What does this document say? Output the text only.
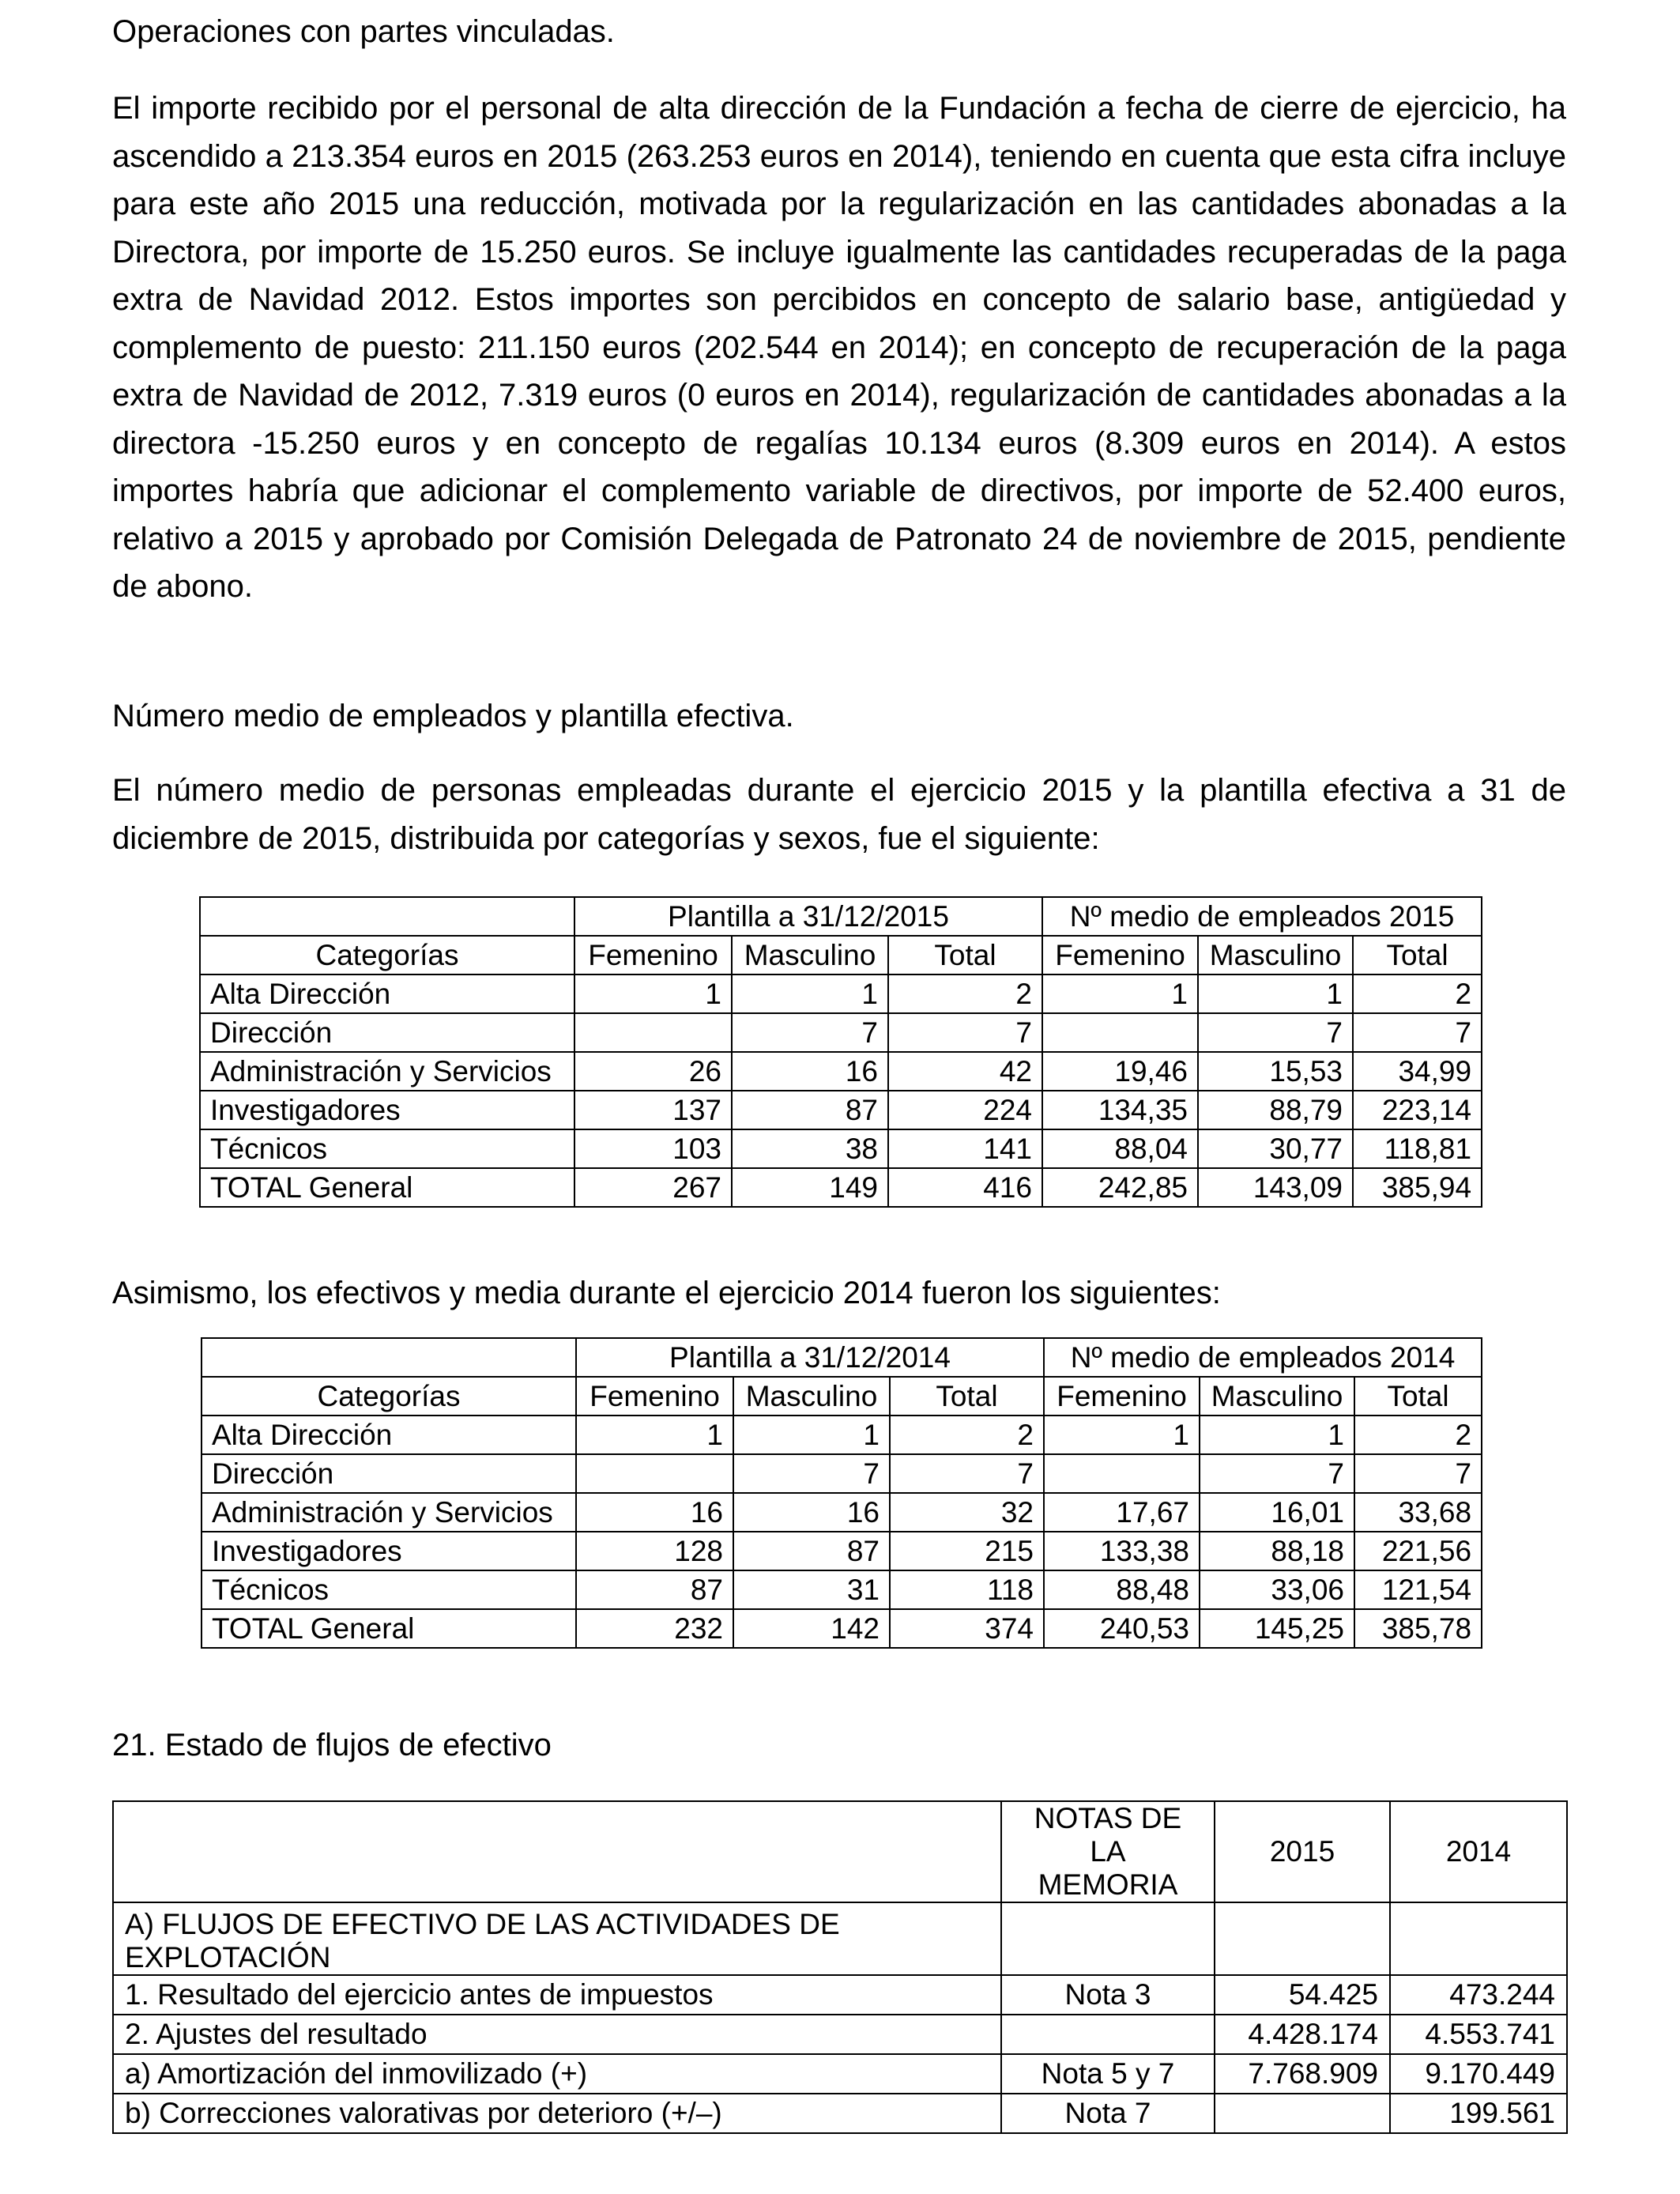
Operaciones con partes vinculadas.
El importe recibido por el personal de alta dirección de la Fundación a fecha de cierre de ejercicio, ha ascendido a 213.354 euros en 2015 (263.253 euros en 2014), teniendo en cuenta que esta cifra incluye para este año 2015 una reducción, motivada por la regularización en las cantidades abonadas a la Directora, por importe de 15.250 euros. Se incluye igualmente las cantidades recuperadas de la paga extra de Navidad 2012. Estos importes son percibidos en concepto de salario base, antigüedad y complemento de puesto: 211.150 euros (202.544 en 2014); en concepto de recuperación de la paga extra de Navidad de 2012, 7.319 euros (0 euros en 2014), regularización de cantidades abonadas a la directora -15.250 euros y en concepto de regalías 10.134 euros (8.309 euros en 2014). A estos importes habría que adicionar el complemento variable de directivos, por importe de 52.400 euros, relativo a 2015 y aprobado por Comisión Delegada de Patronato 24 de noviembre de 2015, pendiente de abono.
Número medio de empleados y plantilla efectiva.
El número medio de personas empleadas durante el ejercicio 2015 y la plantilla efectiva a 31 de diciembre de 2015, distribuida por categorías y sexos, fue el siguiente:
	Plantilla a 31/12/2015			Nº medio de empleados 2015		
Categorías	Femenino	Masculino	Total	Femenino	Masculino	Total
Alta Dirección	1	1	2	1	1	2
Dirección		7	7		7	7
Administración y Servicios	26	16	42	19,46	15,53	34,99
Investigadores	137	87	224	134,35	88,79	223,14
Técnicos	103	38	141	88,04	30,77	118,81
TOTAL General	267	149	416	242,85	143,09	385,94
Asimismo, los efectivos y media durante el ejercicio 2014 fueron los siguientes:
	Plantilla a 31/12/2014			Nº medio de empleados 2014		
Categorías	Femenino	Masculino	Total	Femenino	Masculino	Total
Alta Dirección	1	1	2	1	1	2
Dirección		7	7		7	7
Administración y Servicios	16	16	32	17,67	16,01	33,68
Investigadores	128	87	215	133,38	88,18	221,56
Técnicos	87	31	118	88,48	33,06	121,54
TOTAL General	232	142	374	240,53	145,25	385,78
21. Estado de flujos de efectivo
	NOTAS DE LA MEMORIA	2015	2014
A) FLUJOS DE EFECTIVO DE LAS ACTIVIDADES DE EXPLOTACIÓN			
1. Resultado del ejercicio antes de impuestos	Nota 3	54.425	473.244
2. Ajustes del resultado		4.428.174	4.553.741
a) Amortización del inmovilizado (+)	Nota 5 y 7	7.768.909	9.170.449
b) Correcciones valorativas por deterioro (+/–)	Nota 7		199.561
